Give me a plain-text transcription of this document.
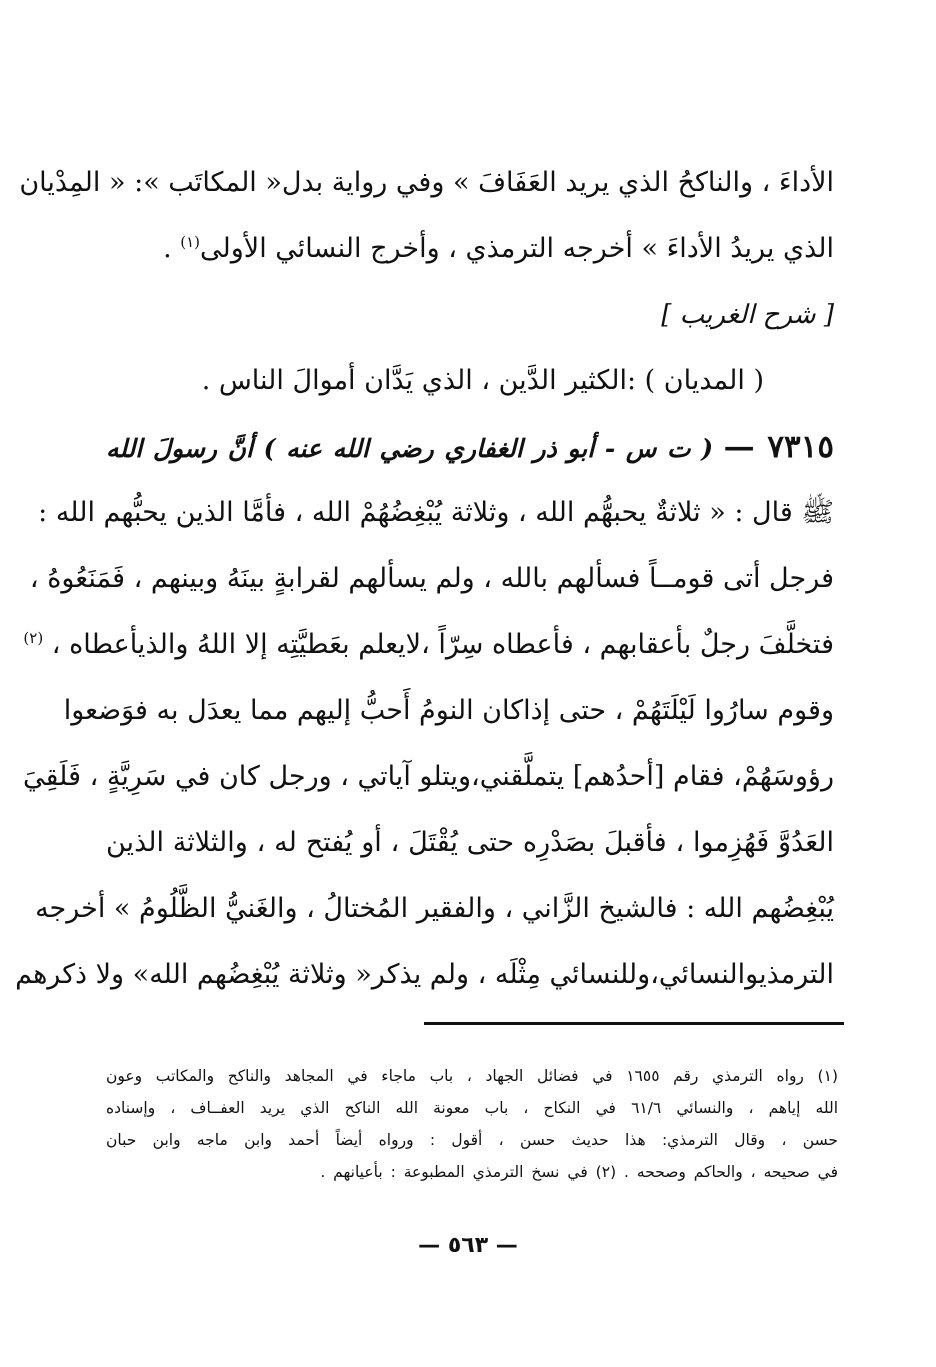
الأداءَ ، والناكحُ الذي يريد العَفَافَ » وفي رواية بدل« المكاتَب »: « المِدْيان
الذي يريدُ الأداءَ » أخرجه الترمذي ، وأخرج النسائي الأولى$^{(١)}$ .
[ شرح الغريب ]
( المديان ) :الكثير الدَّين ، الذي يَدَّان أموالَ الناس .
٧٣١٥ — ( ت س - أبو ذر الغفاري رضي الله عنه ) أنَّ رسولَ الله
ﷺ قال : « ثلاثةٌ يحبهُّم الله ، وثلاثة يُبْغِضُهُمْ الله ، فأمَّا الذين يحبُّهم الله :
فرجل أتى قومــاً فسألهم بالله ، ولم يسألهم لقرابةٍ بينَهُ وبينهم ، فَمَنَعُوهُ ،
فتخلَّفَ رجلٌ بأعقابهم ، فأعطاه سِرّاً ،لايعلم بعَطيَّتِه إلا اللهُ والذيأعطاه ، $^{(٢)}$
وقوم سارُوا لَيْلَتَهُمْ ، حتى إذاكان النومُ أَحبُّ إليهم مما يعدَل به فوَضعوا
رؤوسَهُمْ، فقام [أحدُهم] يتملَّقني،ويتلو آياتي ، ورجل كان في سَرِيَّةٍ ، فَلَقِيَ
العَدُوَّ فَهُزِموا ، فأقبلَ بصَدْرِه حتى يُقْتَلَ ، أو يُفتح له ، والثلاثة الذين
يُبْغِضُهم الله : فالشيخ الزَّاني ، والفقير المُختالُ ، والغَنيُّ الظَّلُومُ » أخرجه
الترمذيوالنسائي،وللنسائي مِثْلَه ، ولم يذكر« وثلاثة يُبْغِضُهم الله» ولا ذكرهم
(١) رواه الترمذي رقم ١٦٥٥ في فضائل الجهاد ، باب ماجاء في المجاهد والناكح والمكاتب وعون
الله إياهم ، والنسائي ٦١/٦ في النكاح ، باب معونة الله الناكح الذي يريد العفــاف ، وإسناده
حسن ، وقال الترمذي: هذا حديث حسن ، أقول : ورواه أيضاً أحمد وابن ماجه وابن حبان
في صحيحه ، والحاكم وصححه . (٢) في نسخ الترمذي المطبوعة : بأعيانهم .
— ٥٦٣ —
